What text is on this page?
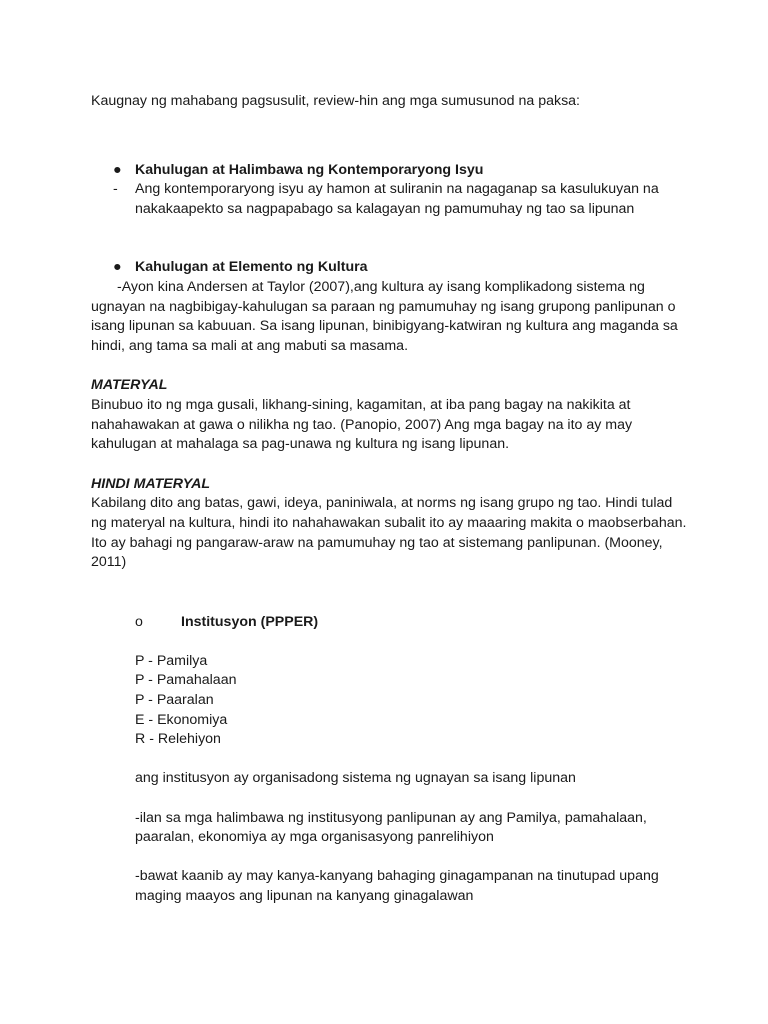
Kaugnay ng mahabang pagsusulit, review-hin ang mga sumusunod na paksa:

● Kahulugan at Halimbawa ng Kontemporaryong Isyu
-	Ang kontemporaryong isyu ay hamon at suliranin na nagaganap sa kasulukuyan na nakakaapekto sa nagpapabago sa kalagayan ng pamumuhay ng tao sa lipunan
● Kahulugan at Elemento ng Kultura

-Ayon kina Andersen at Taylor (2007),ang kultura ay isang komplikadong sistema ng ugnayan na nagbibigay-kahulugan sa paraan ng pamumuhay ng isang grupong panlipunan o isang lipunan sa kabuuan. Sa isang lipunan, binibigyang-katwiran ng kultura ang maganda sa hindi, ang tama sa mali at ang mabuti sa masama.

MATERYAL

Binubuo ito ng mga gusali, likhang-sining, kagamitan, at iba pang bagay na nakikita at nahahawakan at gawa o nilikha ng tao. (Panopio, 2007) Ang mga bagay na ito ay may kahulugan at mahalaga sa pag-unawa ng kultura ng isang lipunan.

HINDI MATERYAL

Kabilang dito ang batas, gawi, ideya, paniniwala, at norms ng isang grupo ng tao. Hindi tulad ng materyal na kultura, hindi ito nahahawakan subalit ito ay maaaring makita o maobserbahan. Ito ay bahagi ng pangaraw-araw na pamumuhay ng tao at sistemang panlipunan. (Mooney, 2011)

o	Institusyon (PPPER)

P - Pamilya

P - Pamahalaan

P - Paaralan

E - Ekonomiya

R - Relehiyon

ang institusyon ay organisadong sistema ng ugnayan sa isang lipunan

-ilan sa mga halimbawa ng institusyong panlipunan ay ang Pamilya, pamahalaan, paaralan, ekonomiya ay mga organisasyong panrelihiyon

-bawat kaanib ay may kanya-kanyang bahaging ginagampanan na tinutupad upang maging maayos ang lipunan na kanyang ginagalawan
